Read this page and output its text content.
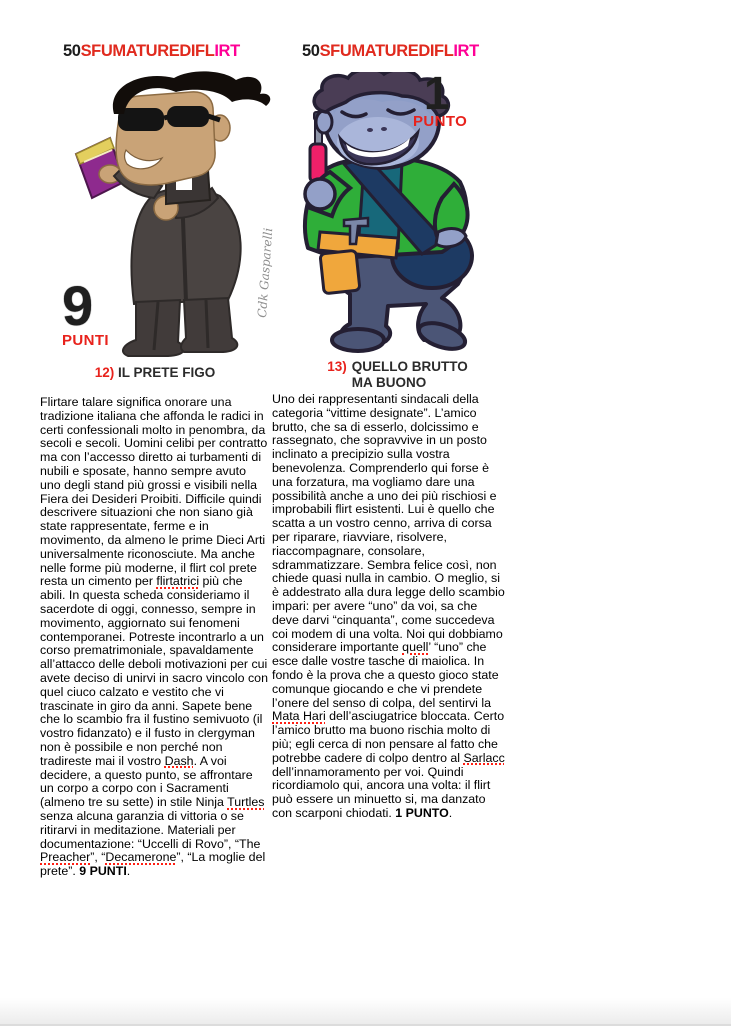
50SFUMATUREDIFLIRT	50SFUMATUREDIFLIRT
Cdk Gasparelli
9
PUNTI
1
PUNTO
12) IL PRETE FIGO	13) QUELLO BRUTTO
MA BUONO
Flirtare talare significa onorare una tradizione italiana che affonda le radici in certi confessionali molto in penombra, da secoli e secoli. Uomini celibi per contratto ma con l’accesso diretto ai turbamenti di nubili e sposate, hanno sempre avuto uno degli stand più grossi e visibili nella Fiera dei Desideri Proibiti. Difficile quindi descrivere situazioni che non siano già state rappresentate, ferme e in movimento, da almeno le prime Dieci Arti universalmente riconosciute. Ma anche nelle forme più moderne, il flirt col prete resta un cimento per flirtatrici più che abili. In questa scheda consideriamo il sacerdote di oggi, connesso, sempre in movimento, aggiornato sui fenomeni contemporanei. Potreste incontrarlo a un corso prematrimoniale, spavaldamente all’attacco delle deboli motivazioni per cui avete deciso di unirvi in sacro vincolo con quel ciuco calzato e vestito che vi trascinate in giro da anni. Sapete bene che lo scambio fra il fustino semivuoto (il vostro fidanzato) e il fusto in clergyman non è possibile e non perché non tradireste mai il vostro Dash. A voi decidere, a questo punto, se affrontare un corpo a corpo con i Sacramenti (almeno tre su sette) in stile Ninja Turtles senza alcuna garanzia di vittoria o se ritirarvi in meditazione. Materiali per documentazione: “Uccelli di Rovo”, “The Preacher”, “Decamerone”, “La moglie del prete”. 9 PUNTI.
Uno dei rappresentanti sindacali della categoria “vittime designate”. L’amico brutto, che sa di esserlo, dolcissimo e rassegnato, che sopravvive in un posto inclinato a precipizio sulla vostra benevolenza. Comprenderlo qui forse è una forzatura, ma vogliamo dare una possibilità anche a uno dei più rischiosi e improbabili flirt esistenti. Lui è quello che scatta a un vostro cenno, arriva di corsa per riparare, riavviare, risolvere, riaccompagnare, consolare, sdrammatizzare. Sembra felice così, non chiede quasi nulla in cambio. O meglio, si è addestrato alla dura legge dello scambio impari: per avere “uno” da voi, sa che deve darvi “cinquanta”, come succedeva coi modem di una volta. Noi qui dobbiamo considerare importante quell’ “uno” che esce dalle vostre tasche di maiolica. In fondo è la prova che a questo gioco state comunque giocando e che vi prendete l’onere del senso di colpa, del sentirvi la Mata Hari dell’asciugatrice bloccata. Certo l’amico brutto ma buono rischia molto di più; egli cerca di non pensare al fatto che potrebbe cadere di colpo dentro al Sarlacc dell’innamoramento per voi. Quindi ricordiamolo qui, ancora una volta: il flirt può essere un minuetto si, ma danzato con scarponi chiodati. 1 PUNTO.
